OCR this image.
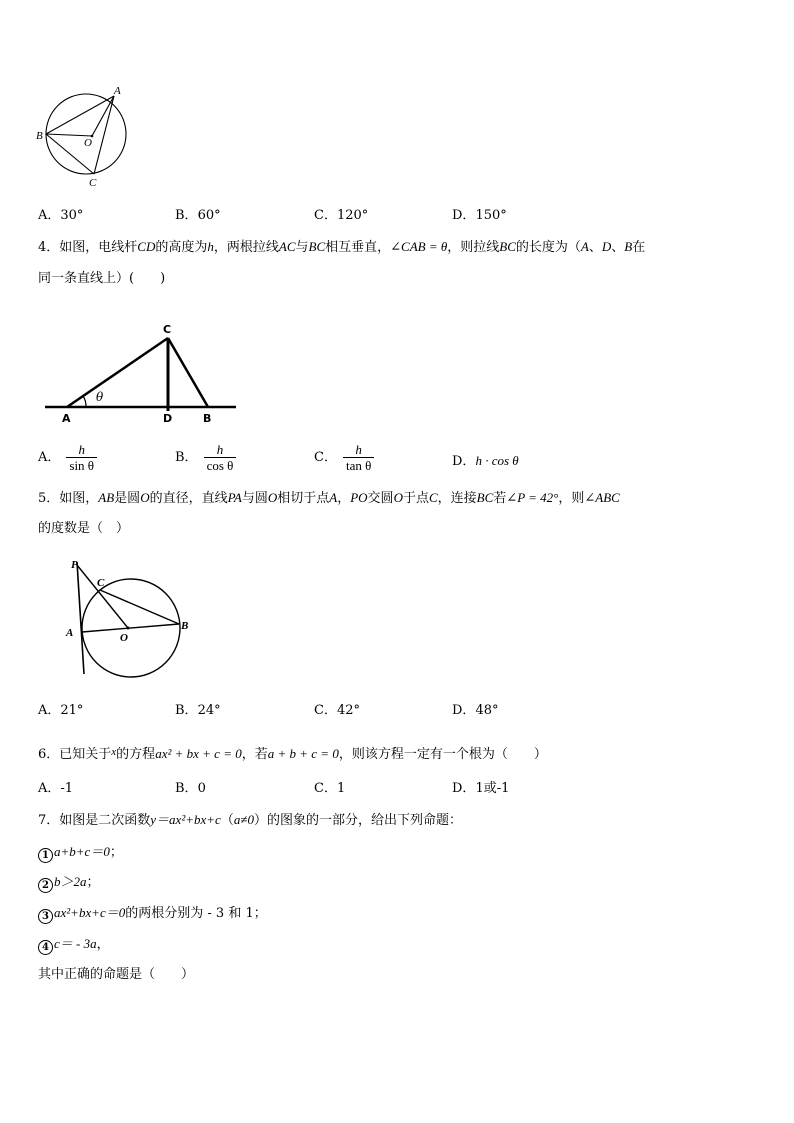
A
B
O
C
A．30°	B．60°	C．120°	D．150°
4．如图，电线杆CD的高度为h，两根拉线AC与BC相互垂直，∠CAB = θ，则拉线BC的长度为（A、D、B在
同一条直线上）(　　)
C
θ
A	D	B
A． $\frac{h}{\text{sin θ}}$	B． $\frac{h}{\text{cos θ}}$	C． $\frac{h}{\text{tan θ}}$	D．h · cos θ
5．如图，AB是圆O的直径，直线PA与圆O相切于点A，PO交圆O于点C，连接BC若∠P = 42°，则∠ABC
的度数是（　）
P
C
A	O
B
A．21°	B．24°	C．42°	D．48°
6．已知关于$^x$的方程ax² + bx + c = 0，若a + b + c = 0，则该方程一定有一个根为（　　）
A．-1	B．0	C．1	D．1或-1
7．如图是二次函数y＝ax²+bx+c（a≠0）的图象的一部分，给出下列命题：
1 a+b+c＝0；
2 b＞2a；
3 ax²+bx+c＝0的两根分别为 - 3 和 1；
4 c＝ - 3a，
其中正确的命题是（　　）
